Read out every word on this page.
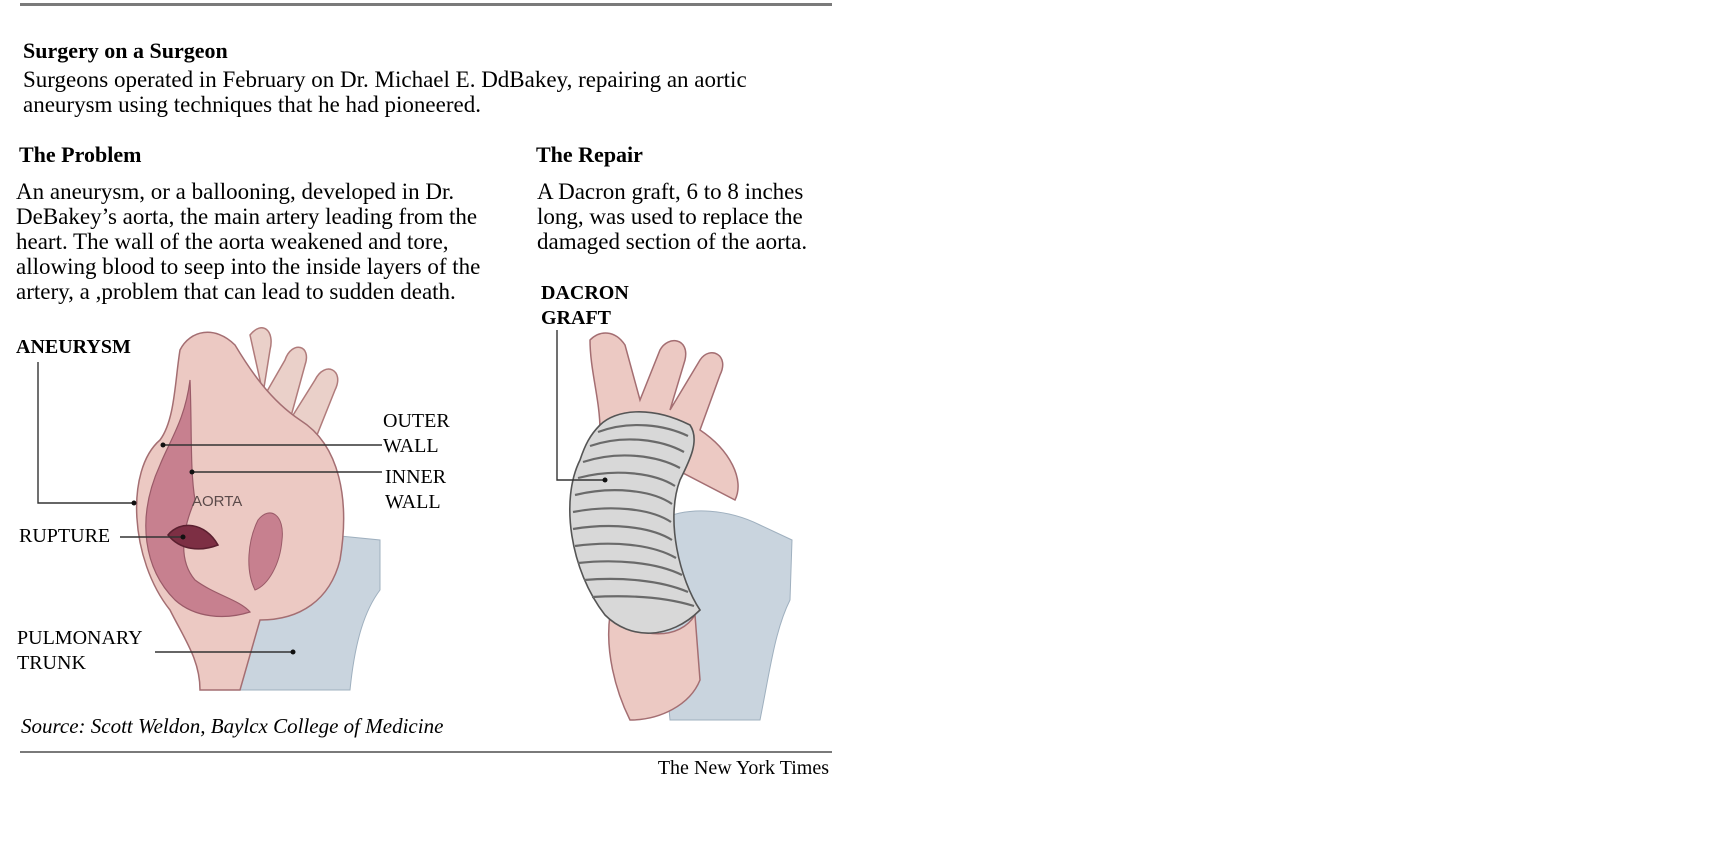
Surgery on a Surgeon

Surgeons operated in February on Dr. Michael E. DdBakey, repairing an aortic aneurysm using techniques that he had pioneered.

The Problem

An aneurysm, or a ballooning, developed in Dr.
DeBakey’s aorta, the main artery leading from the
heart. The wall of the aorta weakened and tore,
allowing blood to seep into the inside layers of the
artery, a ,problem that can lead to sudden death.

The Repair

A Dacron graft, 6 to 8 inches
long, was used to replace the
damaged section of the aorta.

AORTA

ANEURYSM

OUTER
WALL

INNER
WALL

RUPTURE

PULMONARY
TRUNK

DACRON
GRAFT

Source: Scott Weldon, Baylcx College of Medicine

The New York Times
